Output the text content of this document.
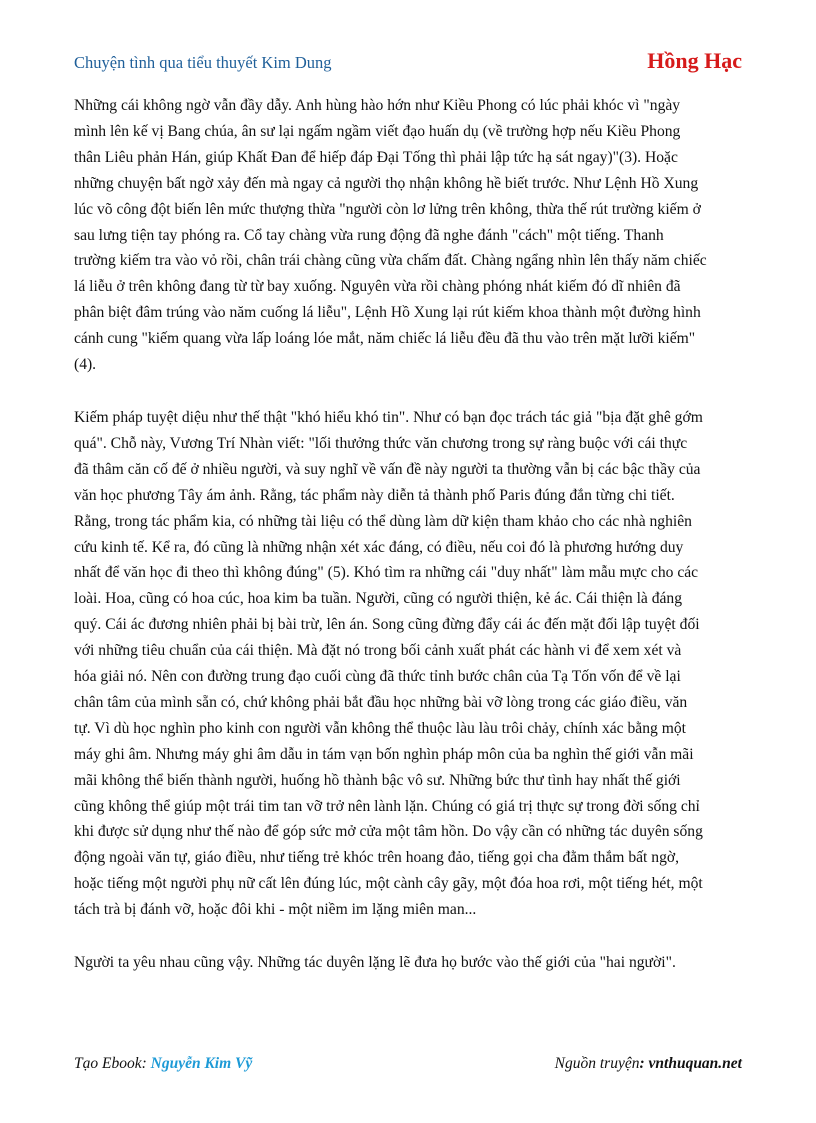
Chuyện tình qua tiểu thuyết Kim Dung	Hồng Hạc

Những cái không ngờ vẫn đầy dẫy. Anh hùng hào hớn như Kiều Phong có lúc phải khóc vì "ngày
mình lên kế vị Bang chúa, ân sư lại ngấm ngầm viết đạo huấn dụ (về trường hợp nếu Kiều Phong
thân Liêu phản Hán, giúp Khất Đan để hiếp đáp Đại Tống thì phải lập tức hạ sát ngay)"(3). Hoặc
những chuyện bất ngờ xảy đến mà ngay cả người thọ nhận không hề biết trước. Như Lệnh Hồ Xung
lúc võ công đột biến lên mức thượng thừa "người còn lơ lửng trên không, thừa thế rút trường kiếm ở
sau lưng tiện tay phóng ra. Cổ tay chàng vừa rung động đã nghe đánh "cách" một tiếng. Thanh
trường kiếm tra vào vỏ rồi, chân trái chàng cũng vừa chấm đất. Chàng ngẩng nhìn lên thấy năm chiếc
lá liễu ở trên không đang từ từ bay xuống. Nguyên vừa rồi chàng phóng nhát kiếm đó dĩ nhiên đã
phân biệt đâm trúng vào năm cuống lá liễu", Lệnh Hồ Xung lại rút kiếm khoa thành một đường hình
cánh cung "kiếm quang vừa lấp loáng lóe mắt, năm chiếc lá liễu đều đã thu vào trên mặt lưỡi kiếm"
(4).

Kiếm pháp tuyệt diệu như thế thật "khó hiểu khó tin". Như có bạn đọc trách tác giả "bịa đặt ghê gớm
quá". Chỗ này, Vương Trí Nhàn viết: "lối thưởng thức văn chương trong sự ràng buộc với cái thực
đã thâm căn cố đế ở nhiều người, và suy nghĩ về vấn đề này người ta thường vẫn bị các bậc thầy của
văn học phương Tây ám ảnh. Rằng, tác phẩm này diễn tả thành phố Paris đúng đắn từng chi tiết.
Rằng, trong tác phẩm kia, có những tài liệu có thể dùng làm dữ kiện tham khảo cho các nhà nghiên
cứu kinh tế. Kể ra, đó cũng là những nhận xét xác đáng, có điều, nếu coi đó là phương hướng duy
nhất để văn học đi theo thì không đúng" (5). Khó tìm ra những cái "duy nhất" làm mẫu mực cho các
loài. Hoa, cũng có hoa cúc, hoa kim ba tuần. Người, cũng có người thiện, kẻ ác. Cái thiện là đáng
quý. Cái ác đương nhiên phải bị bài trừ, lên án. Song cũng đừng đẩy cái ác đến mặt đối lập tuyệt đối
với những tiêu chuẩn của cái thiện. Mà đặt nó trong bối cảnh xuất phát các hành vi để xem xét và
hóa giải nó. Nên con đường trung đạo cuối cùng đã thức tỉnh bước chân của Tạ Tốn vốn để về lại
chân tâm của mình sẵn có, chứ không phải bắt đầu học những bài vỡ lòng trong các giáo điều, văn
tự. Vì dù học nghìn pho kinh con người vẫn không thể thuộc làu làu trôi chảy, chính xác bằng một
máy ghi âm. Nhưng máy ghi âm dẫu in tám vạn bốn nghìn pháp môn của ba nghìn thế giới vẫn mãi
mãi không thể biến thành người, huống hồ thành bậc vô sư. Những bức thư tình hay nhất thế giới
cũng không thể giúp một trái tim tan vỡ trở nên lành lặn. Chúng có giá trị thực sự trong đời sống chỉ
khi được sử dụng như thế nào để góp sức mở cửa một tâm hồn. Do vậy cần có những tác duyên sống
động ngoài văn tự, giáo điều, như tiếng trẻ khóc trên hoang đảo, tiếng gọi cha đằm thắm bất ngờ,
hoặc tiếng một người phụ nữ cất lên đúng lúc, một cành cây gãy, một đóa hoa rơi, một tiếng hét, một
tách trà bị đánh vỡ, hoặc đôi khi - một niềm im lặng miên man...

Người ta yêu nhau cũng vậy. Những tác duyên lặng lẽ đưa họ bước vào thế giới của "hai người".

Tạo Ebook: Nguyễn Kim Vỹ	Nguồn truyện: vnthuquan.net
